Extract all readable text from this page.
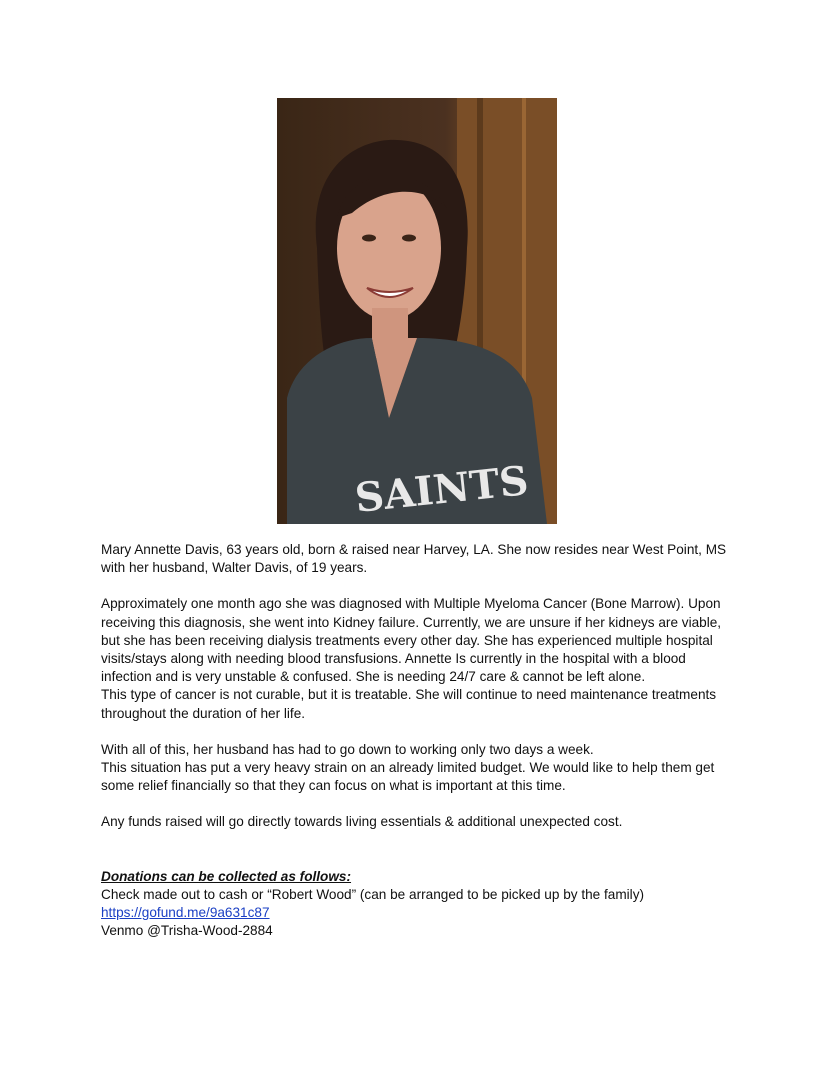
SAINTS

Mary Annette Davis, 63 years old, born & raised near Harvey, LA. She now resides near West Point, MS

with her husband, Walter Davis, of 19 years.

Approximately one month ago she was diagnosed with Multiple Myeloma Cancer (Bone Marrow). Upon

receiving this diagnosis, she went into Kidney failure. Currently, we are unsure if her kidneys are viable,

but she has been receiving dialysis treatments every other day. She has experienced multiple hospital

visits/stays along with needing blood transfusions. Annette Is currently in the hospital with a blood

infection and is very unstable & confused. She is needing 24/7 care & cannot be left alone.

This type of cancer is not curable, but it is treatable. She will continue to need maintenance treatments

throughout the duration of her life.

With all of this, her husband has had to go down to working only two days a week.

This situation has put a very heavy strain on an already limited budget. We would like to help them get

some relief financially so that they can focus on what is important at this time.

Any funds raised will go directly towards living essentials & additional unexpected cost.

Donations can be collected as follows:

Check made out to cash or “Robert Wood” (can be arranged to be picked up by the family)

https://gofund.me/9a631c87

Venmo @Trisha-Wood-2884
